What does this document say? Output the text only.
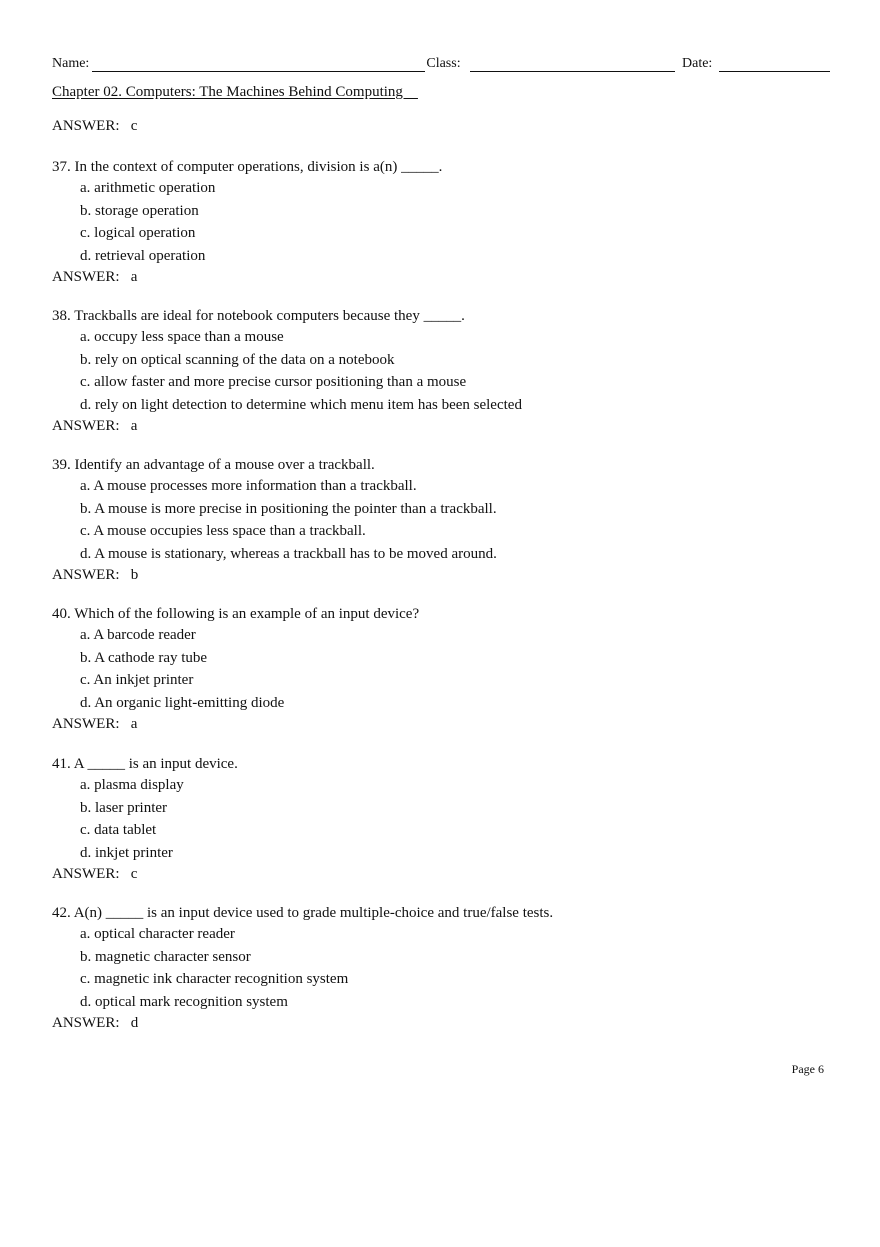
Name:	Class:	Date:
Chapter 02. Computers: The Machines Behind Computing
ANSWER: c
37. In the context of computer operations, division is a(n) _____.
a. arithmetic operation
b. storage operation
c. logical operation
d. retrieval operation
ANSWER: a
38. Trackballs are ideal for notebook computers because they _____.
a. occupy less space than a mouse
b. rely on optical scanning of the data on a notebook
c. allow faster and more precise cursor positioning than a mouse
d. rely on light detection to determine which menu item has been selected
ANSWER: a
39. Identify an advantage of a mouse over a trackball.
a. A mouse processes more information than a trackball.
b. A mouse is more precise in positioning the pointer than a trackball.
c. A mouse occupies less space than a trackball.
d. A mouse is stationary, whereas a trackball has to be moved around.
ANSWER: b
40. Which of the following is an example of an input device?
a. A barcode reader
b. A cathode ray tube
c. An inkjet printer
d. An organic light-emitting diode
ANSWER: a
41. A _____ is an input device.
a. plasma display
b. laser printer
c. data tablet
d. inkjet printer
ANSWER: c
42. A(n) _____ is an input device used to grade multiple-choice and true/false tests.
a. optical character reader
b. magnetic character sensor
c. magnetic ink character recognition system
d. optical mark recognition system
ANSWER: d
Page 6
